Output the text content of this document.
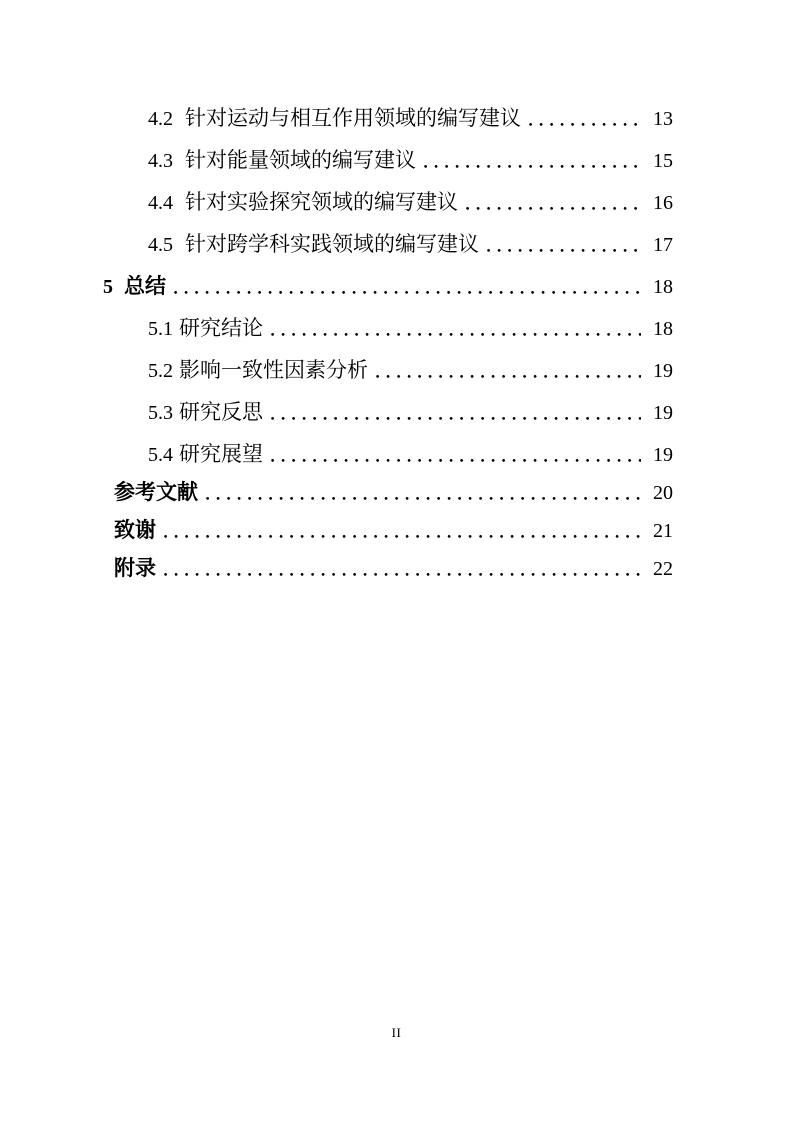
4.2 针对运动与相互作用领域的编写建议	13
4.3 针对能量领域的编写建议	15
4.4 针对实验探究领域的编写建议	16
4.5 针对跨学科实践领域的编写建议	17
5 总结	18
5.1 研究结论	18
5.2 影响一致性因素分析	19
5.3 研究反思	19
5.4 研究展望	19
参考文献	20
致谢	21
附录	22
II
